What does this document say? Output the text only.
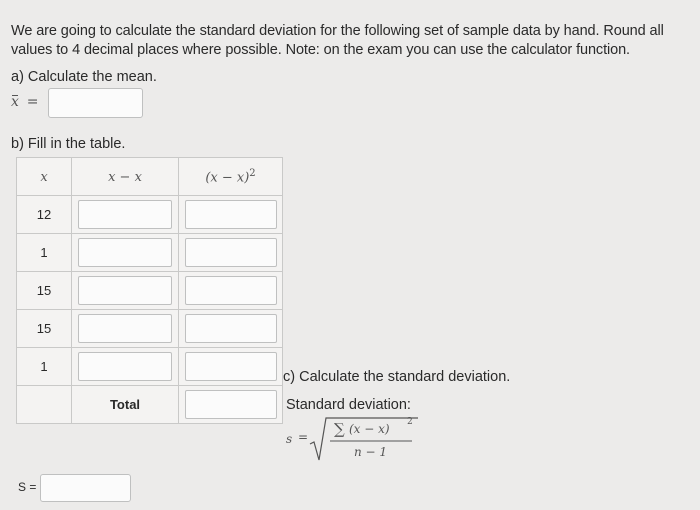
We are going to calculate the standard deviation for the following set of sample data by hand. Round all values to 4 decimal places where possible. Note: on the exam you can use the calculator function.
a) Calculate the mean.
x =
b) Fill in the table.
x	x − x	(x − x)2
12	

1	

15	

15	

1	

	Total	
c) Calculate the standard deviation.
Standard deviation:
s = ∑ (x − x) 2
n − 1
S =
